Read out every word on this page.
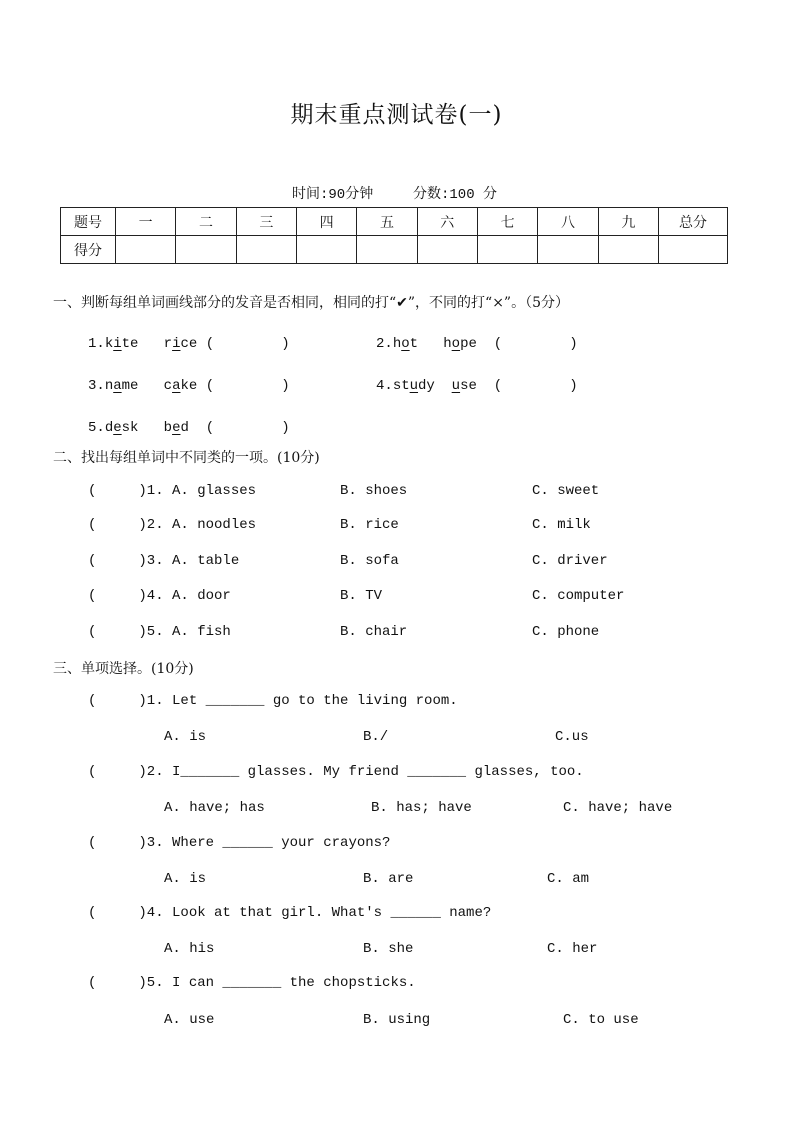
期末重点测试卷(一)
时间:90分钟	分数:100 分
题号	一	二	三	四	五	六	七	八	九	总分
得分										
一、判断每组单词画线部分的发音是否相同，相同的打“✔”，不同的打“×”。（5分）
1.kite rice (        )	2.hot hope (        )
3.name cake (        )	4.study use (        )
5.desk bed (        )
二、找出每组单词中不同类的一项。(10分)
(     )1. A. glasses	B. shoes	C. sweet
(     )2. A. noodles	B. rice	C. milk
(     )3. A. table	B. sofa	C. driver
(     )4. A. door	B. TV	C. computer
(     )5. A. fish	B. chair	C. phone
三、单项选择。(10分)
(     )1. Let _______ go to the living room.
A. is	B./	C.us
(     )2. I_______ glasses. My friend _______ glasses, too.
A. have; has	B. has; have	C. have; have
(     )3. Where ______ your crayons?
A. is	B. are	C. am
(     )4. Look at that girl. What's ______ name?
A. his	B. she	C. her
(     )5. I can _______ the chopsticks.
A. use	B. using	C. to use
